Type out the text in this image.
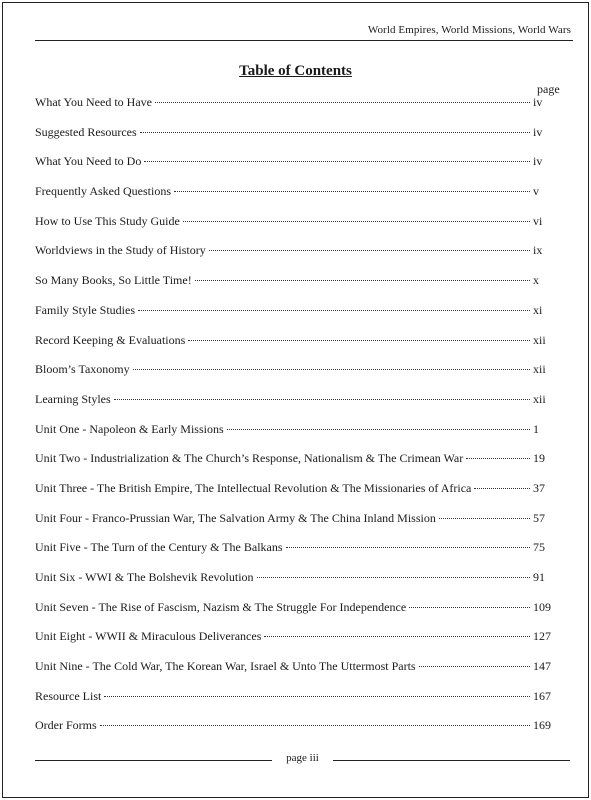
World Empires, World Missions, World Wars
Table of Contents
page
What You Need to Have	iv
Suggested Resources	iv
What You Need to Do	iv
Frequently Asked Questions	v
How to Use This Study Guide	vi
Worldviews in the Study of History	ix
So Many Books, So Little Time!	x
Family Style Studies	xi
Record Keeping & Evaluations	xii
Bloom’s Taxonomy	xii
Learning Styles	xii
Unit One - Napoleon & Early Missions	1
Unit Two - Industrialization & The Church’s Response, Nationalism & The Crimean War	19
Unit Three - The British Empire, The Intellectual Revolution & The Missionaries of Africa	37
Unit Four - Franco-Prussian War, The Salvation Army & The China Inland Mission	57
Unit Five - The Turn of the Century & The Balkans	75
Unit Six - WWI & The Bolshevik Revolution	91
Unit Seven - The Rise of Fascism, Nazism & The Struggle For Independence	109
Unit Eight - WWII & Miraculous Deliverances	127
Unit Nine - The Cold War, The Korean War, Israel & Unto The Uttermost Parts	147
Resource List	167
Order Forms	169
page iii
